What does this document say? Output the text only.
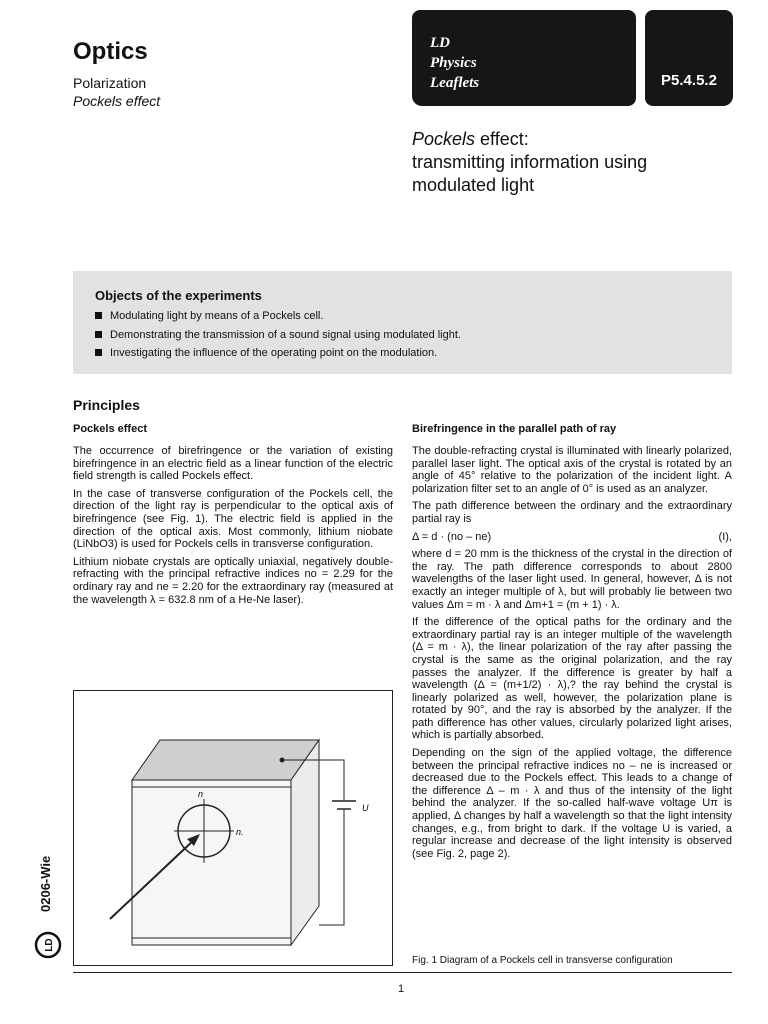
Optics
Polarization
Pockels effect
LD
Physics
Leaflets	P5.4.5.2
Pockels effect:
transmitting information using
modulated light
Objects of the experiments
Modulating light by means of a Pockels cell.
Demonstrating the transmission of a sound signal using modulated light.
Investigating the influence of the operating point on the modulation.
Principles
Pockels effect

The occurrence of birefringence or the variation of existing birefringence in an electric field as a linear function of the electric field strength is called Pockels effect.

In the case of transverse configuration of the Pockels cell, the direction of the light ray is perpendicular to the optical axis of birefringence (see Fig. 1). The electric field is applied in the direction of the optical axis. Most commonly, lithium niobate (LiNbO3) is used for Pockels cells in transverse configuration.

Lithium niobate crystals are optically uniaxial, negatively double-refracting with the principal refractive indices no = 2.29 for the ordinary ray and ne = 2.20 for the extraordinary ray (measured at the wavelength λ = 632.8 nm of a He-Ne laser).

Birefringence in the parallel path of ray

The double-refracting crystal is illuminated with linearly polarized, parallel laser light. The optical axis of the crystal is rotated by an angle of 45° relative to the polarization of the incident light. A polarization filter set to an angle of 0° is used as an analyzer.

The path difference between the ordinary and the extraordinary partial ray is

Δ = d · (no – ne)	(I),

where d = 20 mm is the thickness of the crystal in the direction of the ray. The path difference corresponds to about 2800 wavelengths of the laser light used. In general, however, Δ is not exactly an integer multiple of λ, but will probably lie between two values Δm = m · λ and Δm+1 = (m + 1) · λ.

If the difference of the optical paths for the ordinary and the extraordinary partial ray is an integer multiple of the wavelength (Δ = m · λ), the linear polarization of the ray after passing the crystal is the same as the original polarization, and the ray passes the analyzer. If the difference is greater by half a wavelength (Δ = (m+1/2) · λ),? the ray behind the crystal is linearly polarized as well, however, the polarization plane is rotated by 90°, and the ray is absorbed by the analyzer. If the path difference has other values, circularly polarized light arises, which is partially absorbed.

Depending on the sign of the applied voltage, the difference between the principal refractive indices no – ne is increased or decreased due to the Pockels effect. This leads to a change of the difference Δ – m · λ and thus of the intensity of the light behind the analyzer. If the so-called half-wave voltage Uπ is applied, Δ changes by half a wavelength so that the light intensity changes, e.g., from bright to dark. If the voltage U is varied, a regular increase and decrease of the light intensity is observed (see Fig. 2, page 2).

n
n.
U
Fig. 1 Diagram of a Pockels cell in transverse configuration
1
0206-Wie
LD
